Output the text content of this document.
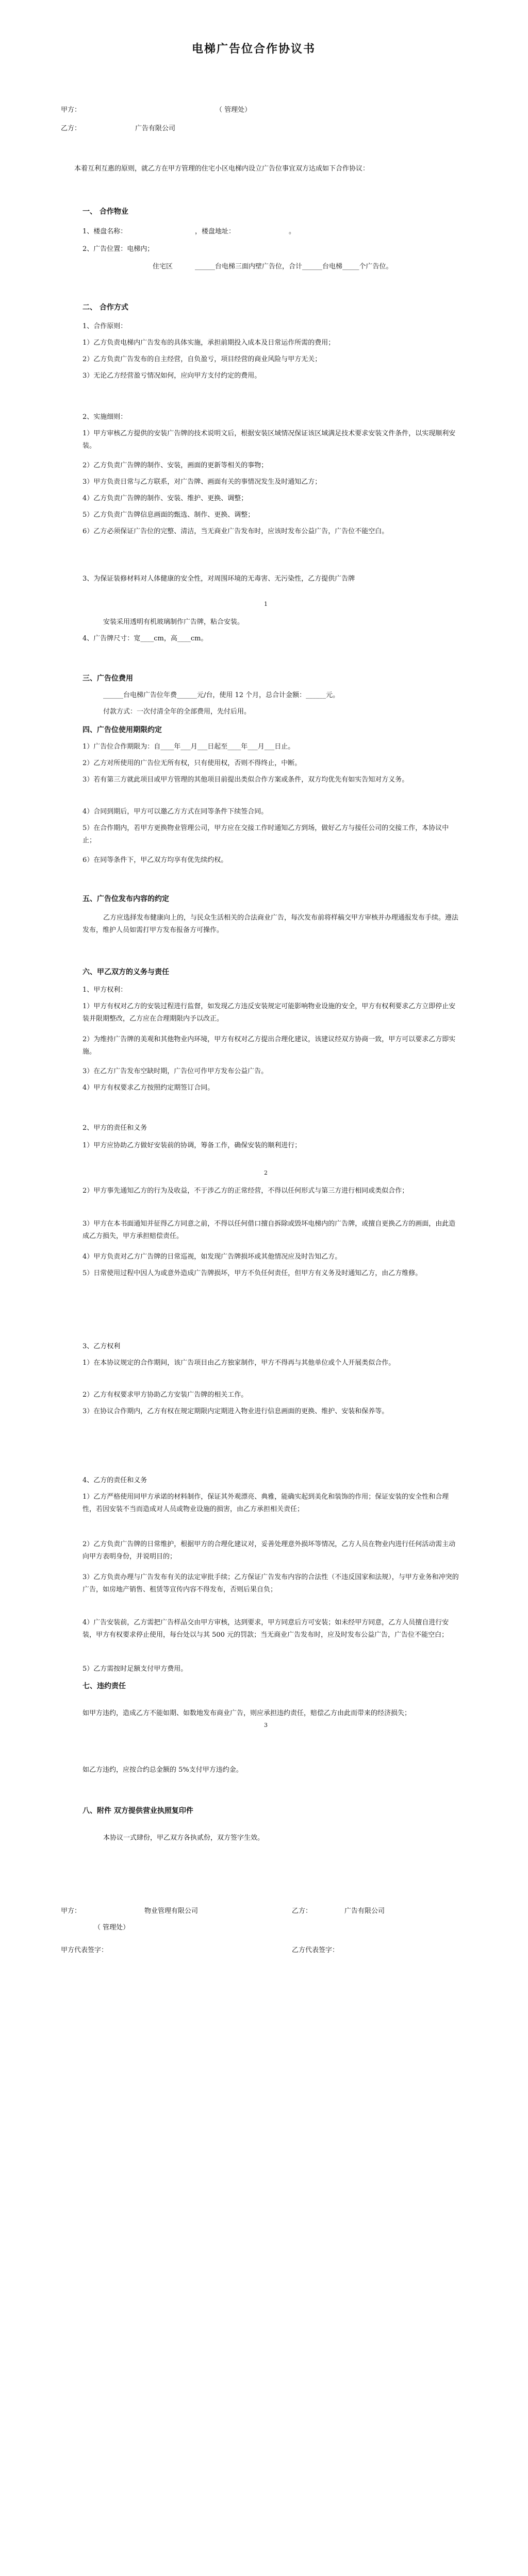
电梯广告位合作协议书
甲方：	（ 管理处）
乙方：	广告有限公司
本着互利互惠的原则，就乙方在甲方管理的住宅小区电梯内设立广告位事宜双方达成如下合作协议：
一、 合作物业
1、楼盘名称：	，楼盘地址：	。
2、广告位置：电梯内；
住宅区	______台电梯三面内壁广告位，合计______台电梯_____个广告位。
二、 合作方式
1、合作原则：
1）乙方负责电梯内广告发布的具体实施，承担前期投入成本及日常运作所需的费用；
2）乙方负责广告发布的自主经营，自负盈亏，项目经营的商业风险与甲方无关；
3）无论乙方经营盈亏情况如何，应向甲方支付约定的费用。
2、实施细则：
1）甲方审核乙方提供的安装广告牌的技术说明文后，根据安装区域情况保证该区域满足技术要求安装文件条件，以实现顺利安装。
2）乙方负责广告牌的制作、安装，画面的更新等相关的事物；
3）甲方负责日常与乙方联系，对广告牌、画面有关的事情况发生及时通知乙方；
4）乙方负责广告牌的制作、安装、维护、更换、调整；
5）乙方负责广告牌信息画面的甄选、制作、更换、调整；
6）乙方必须保证广告位的完整、清洁，当无商业广告发布时，应该时发布公益广告，广告位不能空白。
3、为保证装修材料对人体健康的安全性，对周围环境的无毒害、无污染性，乙方提供广告牌
1
安装采用透明有机玻璃制作广告牌，粘合安装。
4、广告牌尺寸：宽____cm，高____cm。
三、广告位费用
______台电梯广告位年费______元/台，使用 12 个月，总合计金额：______元。
付款方式：一次付清全年的全部费用，先付后用。
四、广告位使用期限约定
1）广告位合作期限为：自____年___月___日起至____年___月___日止。
2）乙方对所使用的广告位无所有权，只有使用权，否则不得终止，中断。
3）若有第三方就此项目或甲方管理的其他项目前提出类似合作方案或条件，双方均优先有如实告知对方义务。
4）合同到期后，甲方可以邀乙方方式在同等条件下续签合同。
5）在合作期内，若甲方更换物业管理公司，甲方应在交接工作时通知乙方到场，做好乙方与接任公司的交接工作，本协议中止；
6）在同等条件下，甲乙双方均享有优先续约权。
五、广告位发布内容的约定
乙方应选择发布健康向上的，与民众生活相关的合法商业广告，每次发布前将样稿交甲方审核并办理通报发布手续。遵法发布，维护人员如需打甲方发布报备方可操作。
六、甲乙双方的义务与责任
1、甲方权利：
1）甲方有权对乙方的安装过程进行监督，如发现乙方违反安装规定可能影响物业设施的安全，甲方有权利要求乙方立即停止安装并限期整改，乙方应在合理期限内予以改正。
2）为维持广告牌的美观和其他物业内环境，甲方有权对乙方提出合理化建议，该建议经双方协商一致，甲方可以要求乙方即实施。
3）在乙方广告发布空缺时期，广告位可作甲方发布公益广告。
4）甲方有权要求乙方按照约定期签订合同。
2、甲方的责任和义务
1）甲方应协助乙方做好安装前的协调，筹备工作，确保安装的顺利进行；
2
2）甲方事先通知乙方的行为及收益，不于涉乙方的正常经营，不得以任何形式与第三方进行相同或类似合作；
3）甲方在本书面通知并征得乙方同意之前，不得以任何借口擅自拆除或毁坏电梯内的广告牌，或擅自更换乙方的画面，由此造成乙方损失，甲方承担赔偿责任。
4）甲方负责对乙方广告牌的日常巡视，如发现广告牌损坏或其他情况应及时告知乙方。
5）日常使用过程中因人为或意外造成广告牌损坏，甲方不负任何责任，但甲方有义务及时通知乙方，由乙方维修。
3、乙方权利
1）在本协议规定的合作期间，该广告项目由乙方独家制作，甲方不得再与其他单位或个人开展类似合作。
2）乙方有权要求甲方协助乙方安装广告牌的相关工作。
3）在协议合作期内，乙方有权在规定期限内定期进入物业进行信息画面的更换、维护、安装和保养等。
4、乙方的责任和义务
1）乙方严格使用同甲方承诺的材料制作，保证其外观漂亮、典雅，能确实起到美化和装饰的作用；保证安装的安全性和合理性，若因安装不当而造成对人员或物业设施的损害，由乙方承担相关责任；
2）乙方负责广告牌的日常维护，根据甲方的合理化建议对，妥善处理意外损坏等情况，乙方人员在物业内进行任何活动需主动向甲方表明身份，并说明目的；
3）乙方负责办理与广告发布有关的法定审批手续；乙方保证广告发布内容的合法性（不违反国家和法规），与甲方业务和冲突的广告，如房地产销售、租赁等宣传内容不得发布，否则后果自负；
4）广告安装前，乙方需把广告样品交由甲方审核，达到要求，甲方同意后方可安装；如未经甲方同意，乙方人员擅自进行安装，甲方有权要求停止使用，每台处以与其 500 元的罚款；当无商业广告发布时，应及时发布公益广告，广告位不能空白；
5）乙方需按时足额支付甲方费用。
七、违约责任
如甲方违约，造成乙方不能如期、如数地发布商业广告，则应承担违约责任，赔偿乙方由此而带来的经济损失；
3
如乙方违约，应按合约总金额的 5%支付甲方违约金。
八、附件 双方提供营业执照复印件
本协议一式肆份，甲乙双方各执贰份，双方签字生效。
甲方：	物业管理有限公司	乙方：	广告有限公司
（ 管理处）
甲方代表签字：	乙方代表签字：
